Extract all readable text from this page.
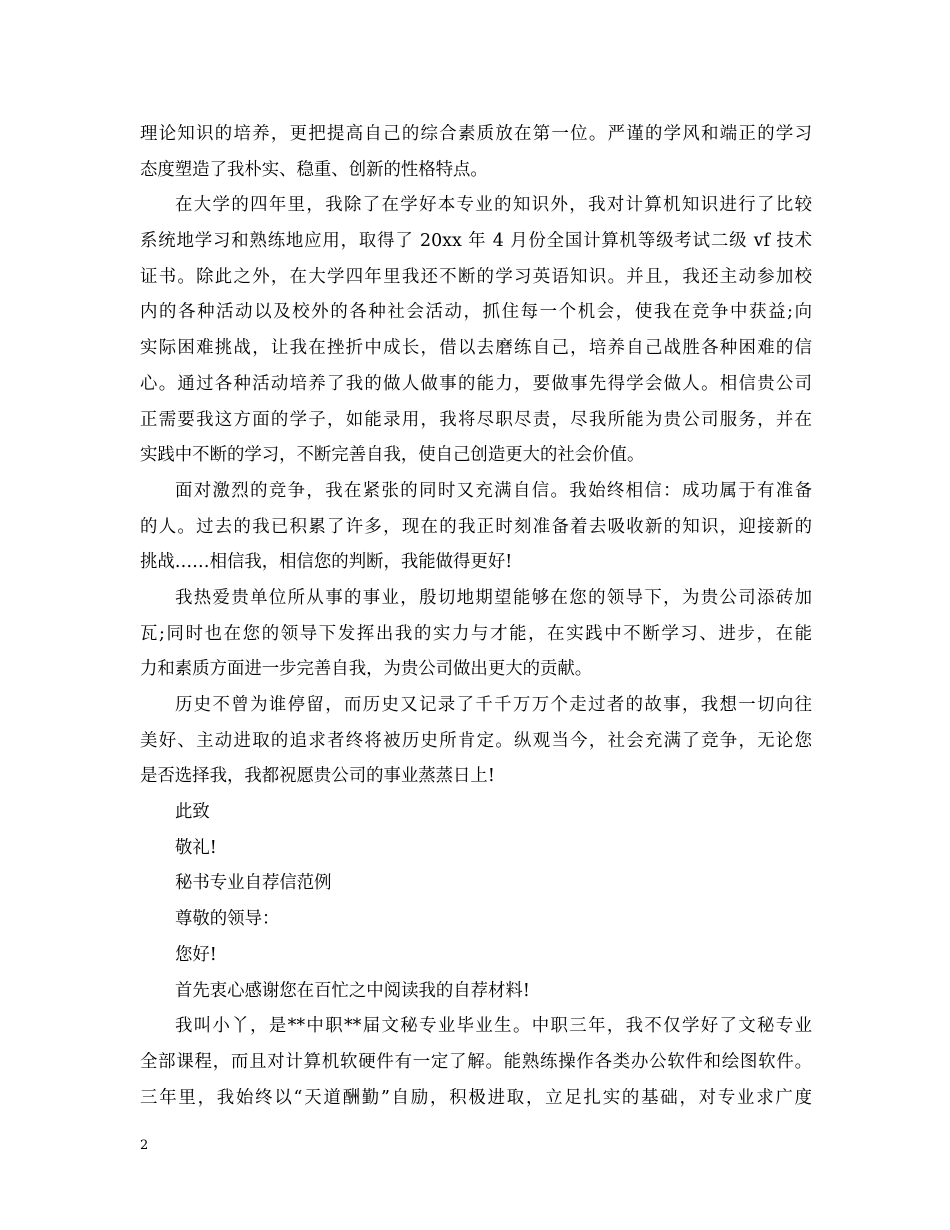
理论知识的培养，更把提高自己的综合素质放在第一位。严谨的学风和端正的学习
态度塑造了我朴实、稳重、创新的性格特点。
在大学的四年里，我除了在学好本专业的知识外，我对计算机知识进行了比较
系统地学习和熟练地应用，取得了 20xx 年 4 月份全国计算机等级考试二级 vf 技术
证书。除此之外，在大学四年里我还不断的学习英语知识。并且，我还主动参加校
内的各种活动以及校外的各种社会活动，抓住每一个机会，使我在竞争中获益;向
实际困难挑战，让我在挫折中成长，借以去磨练自己，培养自己战胜各种困难的信
心。通过各种活动培养了我的做人做事的能力，要做事先得学会做人。相信贵公司
正需要我这方面的学子，如能录用，我将尽职尽责，尽我所能为贵公司服务，并在
实践中不断的学习，不断完善自我，使自己创造更大的社会价值。
面对激烈的竞争，我在紧张的同时又充满自信。我始终相信：成功属于有准备
的人。过去的我已积累了许多，现在的我正时刻准备着去吸收新的知识，迎接新的
挑战……相信我，相信您的判断，我能做得更好!
我热爱贵单位所从事的事业，殷切地期望能够在您的领导下，为贵公司添砖加
瓦;同时也在您的领导下发挥出我的实力与才能，在实践中不断学习、进步，在能
力和素质方面进一步完善自我，为贵公司做出更大的贡献。
历史不曾为谁停留，而历史又记录了千千万万个走过者的故事，我想一切向往
美好、主动进取的追求者终将被历史所肯定。纵观当今，社会充满了竞争，无论您
是否选择我，我都祝愿贵公司的事业蒸蒸日上!
此致
敬礼!
秘书专业自荐信范例
尊敬的领导：
您好!
首先衷心感谢您在百忙之中阅读我的自荐材料!
我叫小丫，是**中职**届文秘专业毕业生。中职三年，我不仅学好了文秘专业
全部课程，而且对计算机软硬件有一定了解。能熟练操作各类办公软件和绘图软件。
三年里，我始终以“天道酬勤”自励，积极进取，立足扎实的基础，对专业求广度
2
